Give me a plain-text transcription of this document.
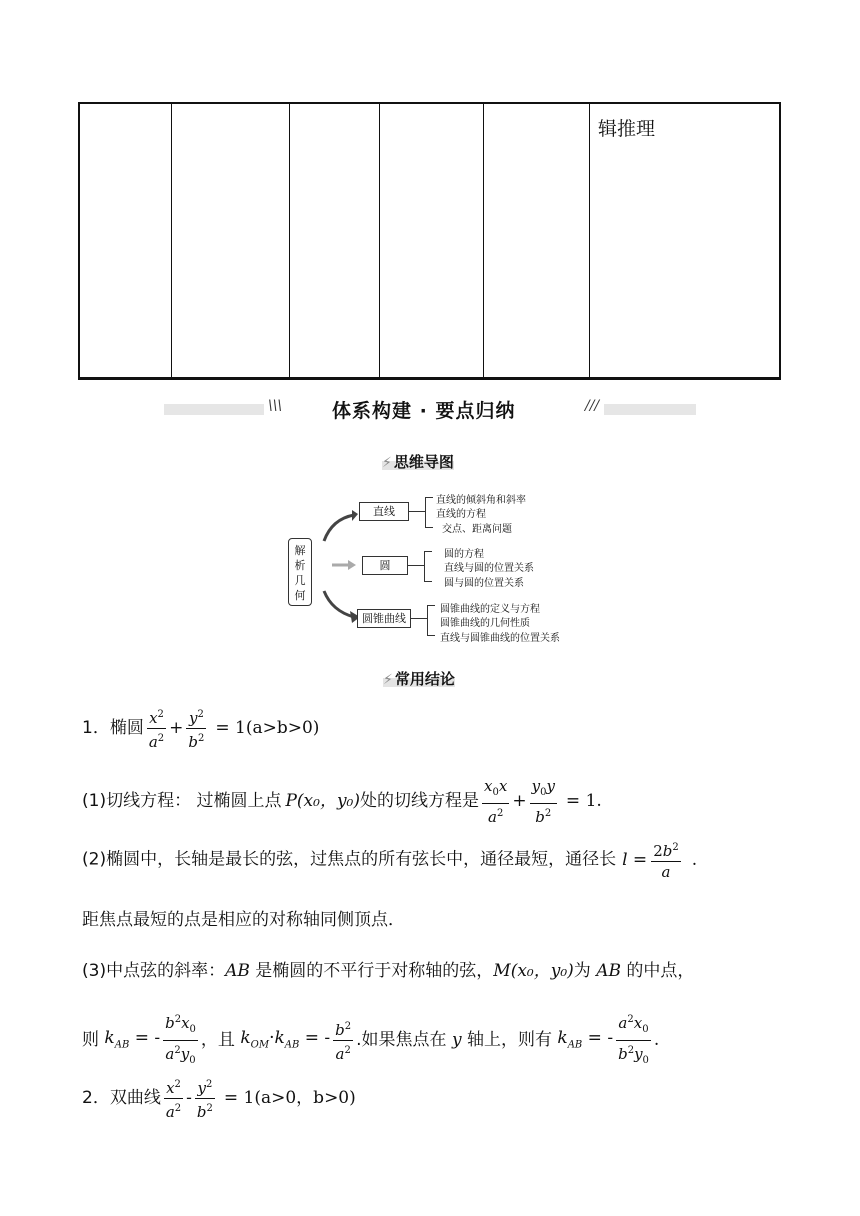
辑推理
\\\	体系构建 · 要点归纳	///
⚡ 思维导图
解
析
几
何
直线
直线的倾斜角和斜率
直线的方程
交点、距离问题
圆
圆的方程
直线与圆的位置关系
圆与圆的位置关系
圆锥曲线
圆锥曲线的定义与方程
圆锥曲线的几何性质
直线与圆锥曲线的位置关系
⚡ 常用结论
1．椭圆 $\frac{x^2}{a^2} + \frac{y^2}{b^2} = 1(a>b>0)$
(1)切线方程： 过椭圆上点 P(x₀，y₀)处的切线方程是 $\frac{x_0x}{a^2} + \frac{y_0y}{b^2} = 1$.
(2)椭圆中，长轴是最长的弦，过焦点的所有弦长中，通径最短，通径长 $l = \frac{2b^2}{a}$ .
距焦点最短的点是相应的对称轴同侧顶点．
(3)中点弦的斜率：AB 是椭圆的不平行于对称轴的弦，M(x₀，y₀)为 AB 的中点，
则 $k_{AB}$ = - $\frac{b^2x_0}{a^2y_0}$ ，且 $k_{OM}\cdot k_{AB}$ = - $\frac{b^2}{a^2}$ .如果焦点在 y 轴上，则有 $k_{AB}$ = - $\frac{a^2x_0}{b^2y_0}$ .
2．双曲线 $\frac{x^2}{a^2} - \frac{y^2}{b^2} = 1(a>0$，b>0)
